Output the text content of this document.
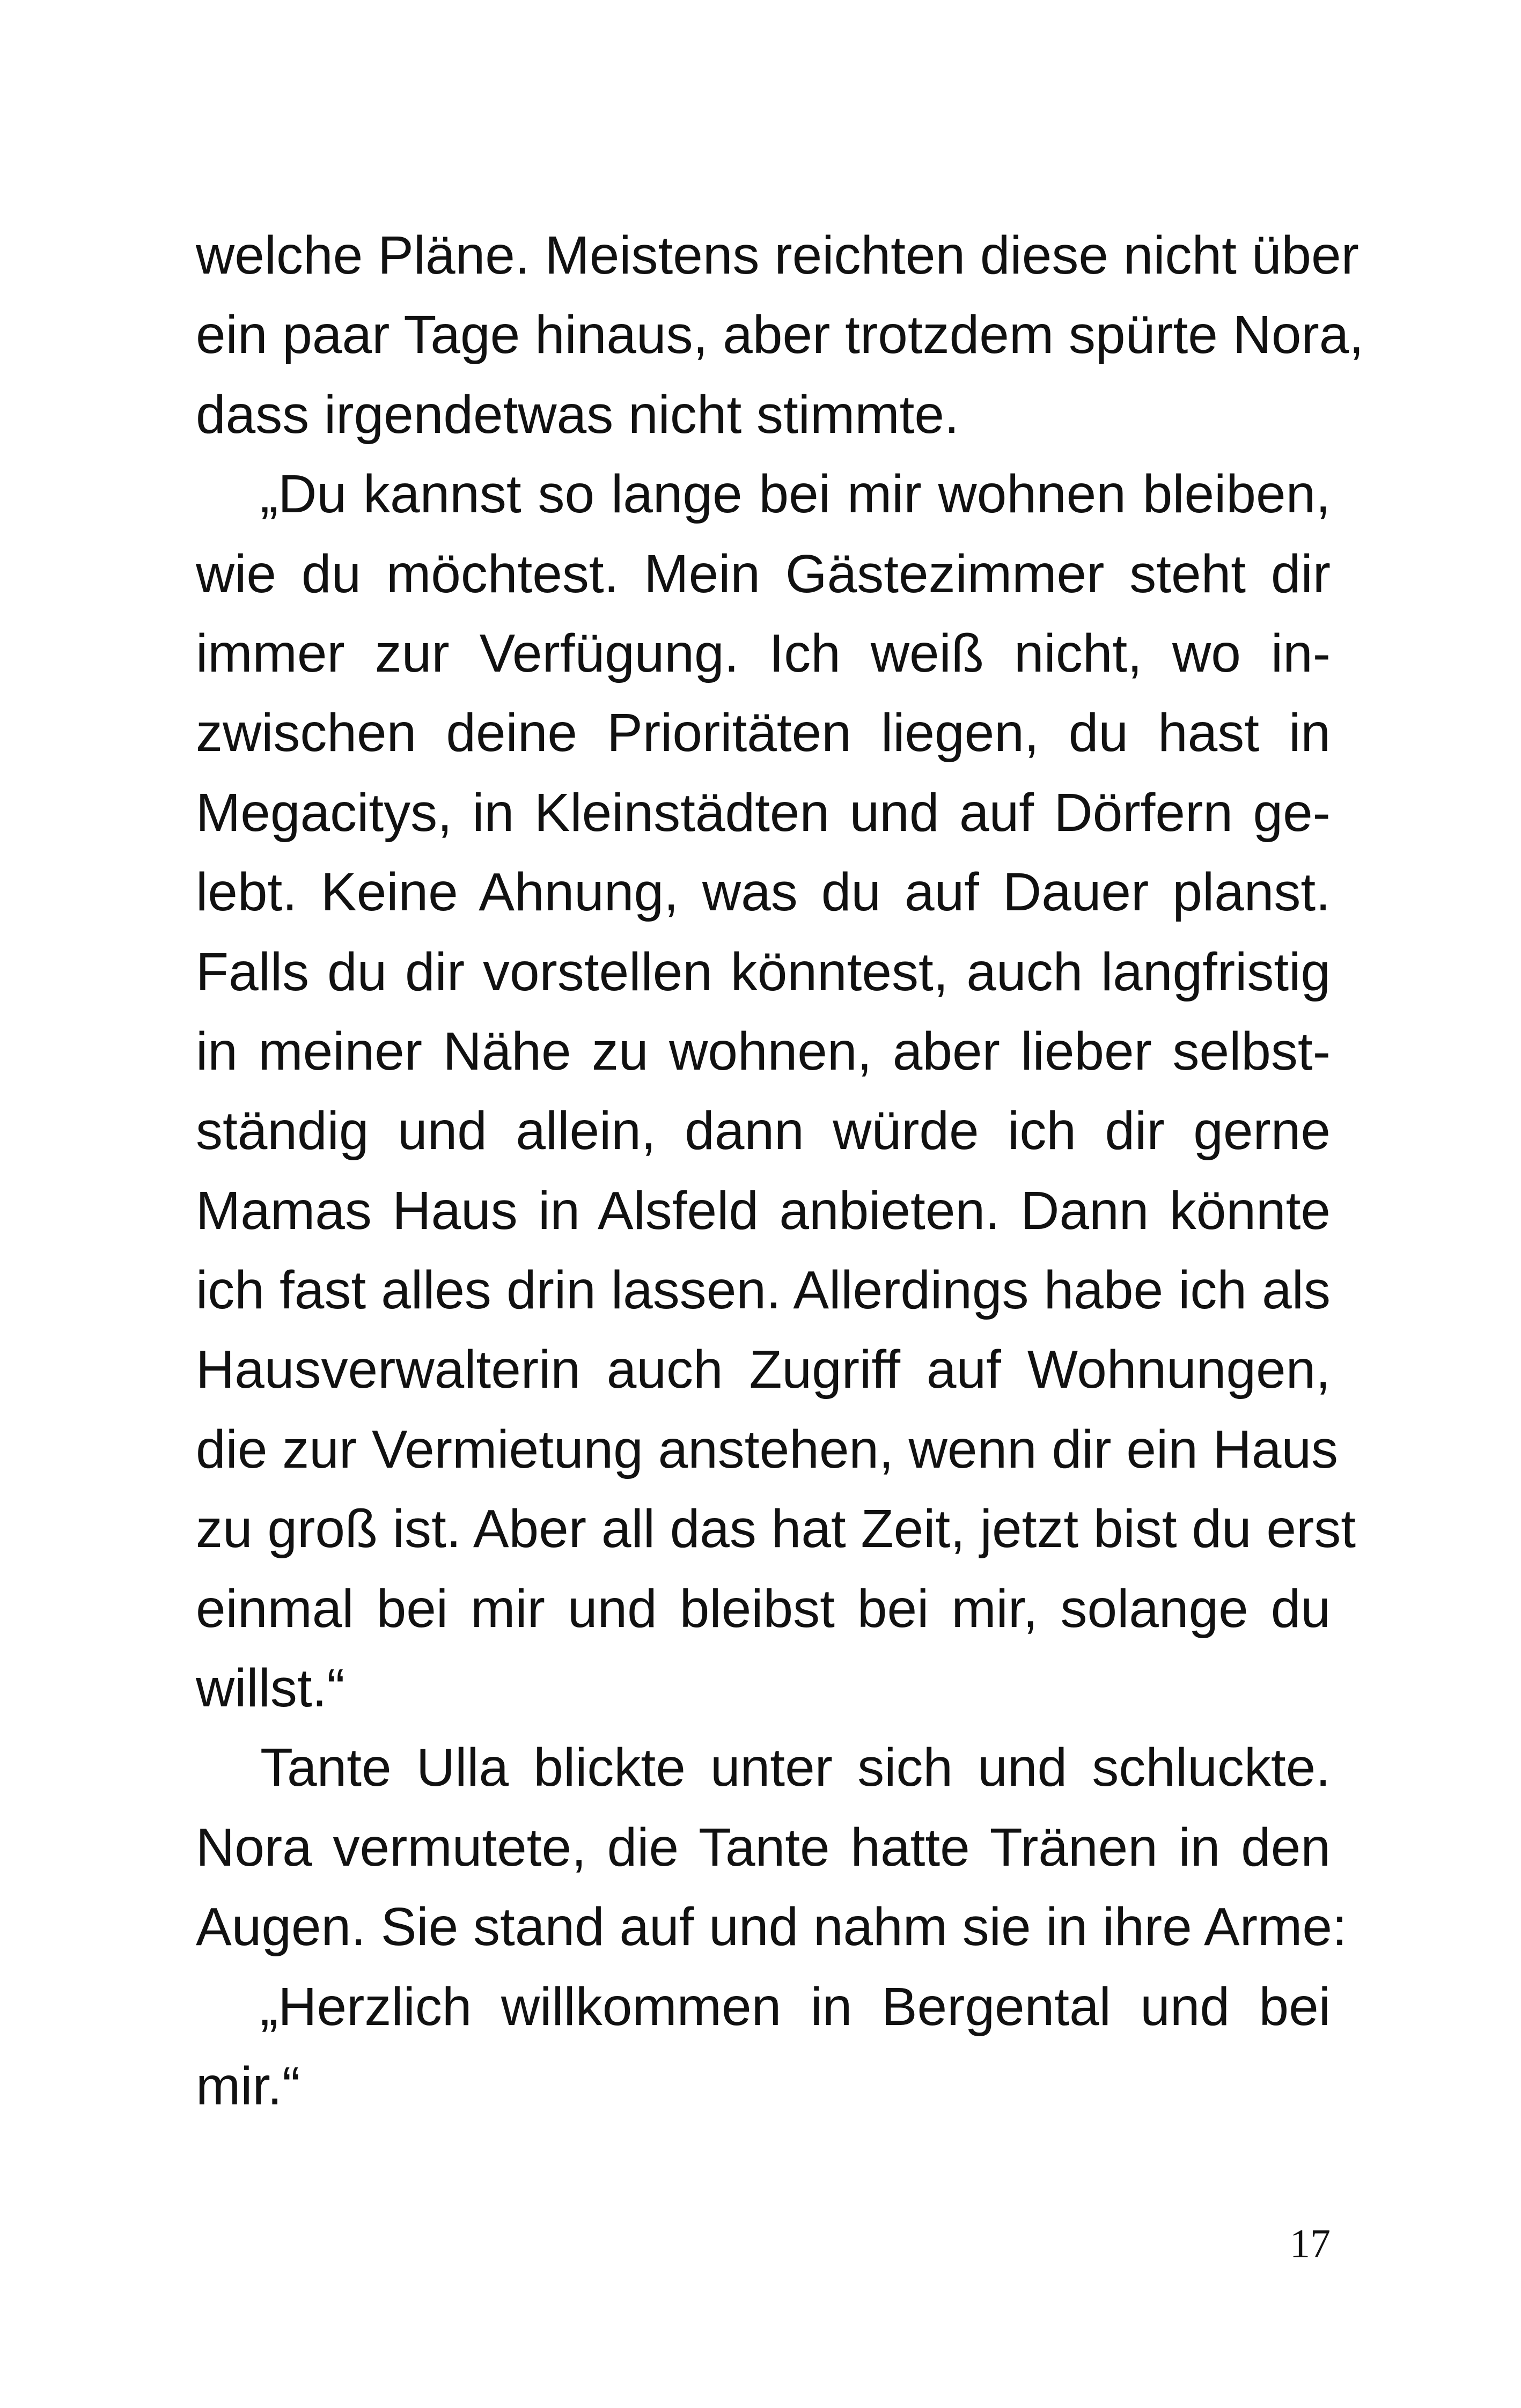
welche Pläne. Meistens reichten diese nicht über
ein paar Tage hinaus, aber trotzdem spürte Nora,
dass irgendetwas nicht stimmte.
„Du kannst so lange bei mir wohnen bleiben,
wie du möchtest. Mein Gästezimmer steht dir
immer zur Verfügung. Ich weiß nicht, wo in-
zwischen deine Prioritäten liegen, du hast in
Megacitys, in Kleinstädten und auf Dörfern ge-
lebt. Keine Ahnung, was du auf Dauer planst.
Falls du dir vorstellen könntest, auch langfristig
in meiner Nähe zu wohnen, aber lieber selbst-
ständig und allein, dann würde ich dir gerne
Mamas Haus in Alsfeld anbieten. Dann könnte
ich fast alles drin lassen. Allerdings habe ich als
Hausverwalterin auch Zugriff auf Wohnungen,
die zur Vermietung anstehen, wenn dir ein Haus
zu groß ist. Aber all das hat Zeit, jetzt bist du erst
einmal bei mir und bleibst bei mir, solange du
willst.“
Tante Ulla blickte unter sich und schluckte.
Nora vermutete, die Tante hatte Tränen in den
Augen. Sie stand auf und nahm sie in ihre Arme:
„Herzlich willkommen in Bergental und bei
mir.“
17
